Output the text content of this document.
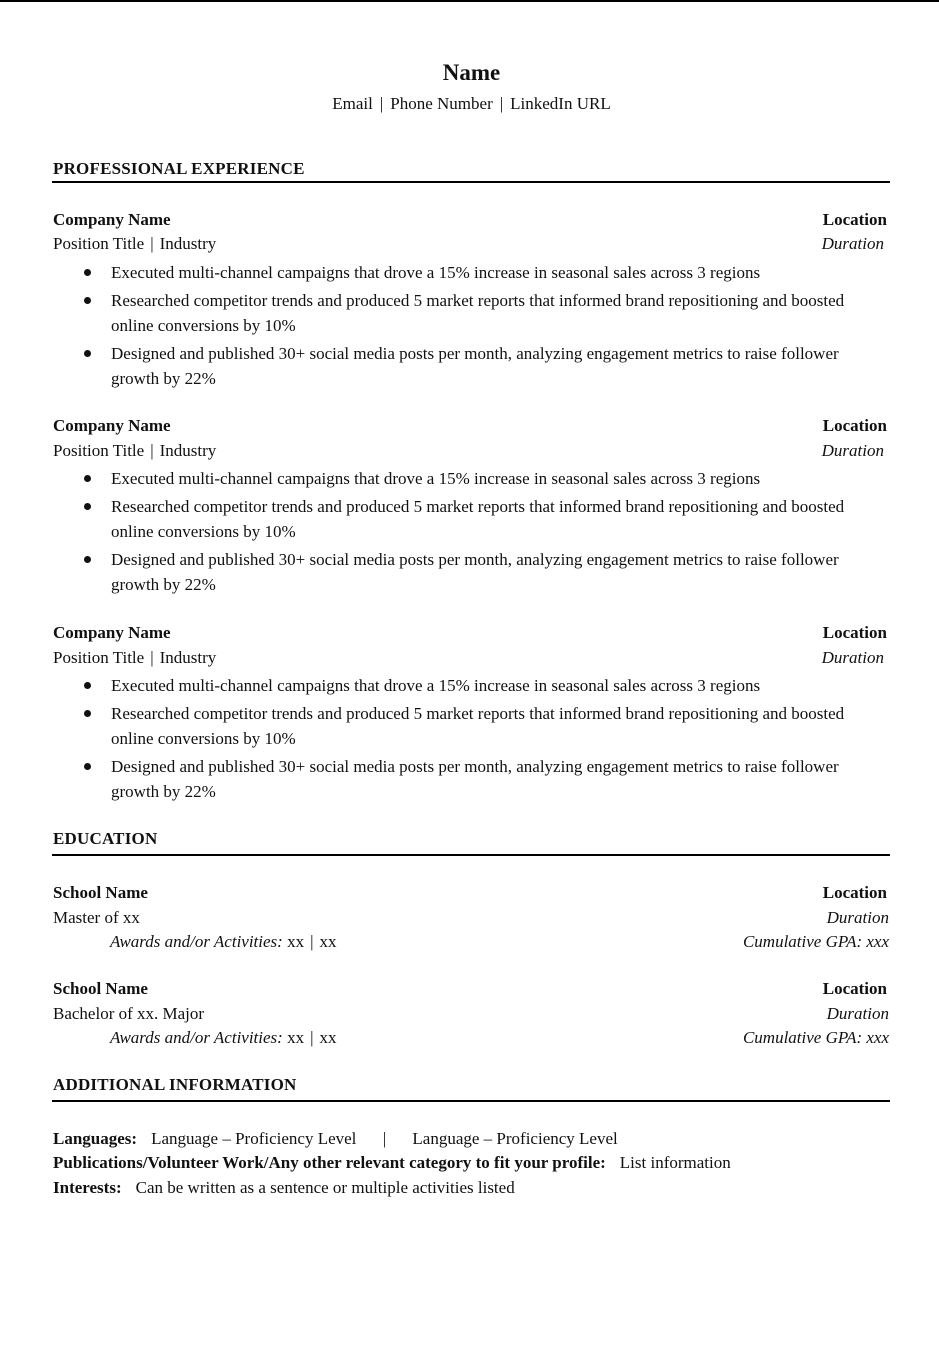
Name
Email | Phone Number | LinkedIn URL
PROFESSIONAL EXPERIENCE
Company Name	Location
Position Title | Industry	Duration
Executed multi-channel campaigns that drove a 15% increase in seasonal sales across 3 regions
Researched competitor trends and produced 5 market reports that informed brand repositioning and boosted online conversions by 10%
Designed and published 30+ social media posts per month, analyzing engagement metrics to raise follower growth by 22%
Company Name	Location
Position Title | Industry	Duration
Executed multi-channel campaigns that drove a 15% increase in seasonal sales across 3 regions
Researched competitor trends and produced 5 market reports that informed brand repositioning and boosted online conversions by 10%
Designed and published 30+ social media posts per month, analyzing engagement metrics to raise follower growth by 22%
Company Name	Location
Position Title | Industry	Duration
Executed multi-channel campaigns that drove a 15% increase in seasonal sales across 3 regions
Researched competitor trends and produced 5 market reports that informed brand repositioning and boosted online conversions by 10%
Designed and published 30+ social media posts per month, analyzing engagement metrics to raise follower growth by 22%
EDUCATION
School Name	Location
Master of xx	Duration
Awards and/or Activities: xx | xx	Cumulative GPA: xxx
School Name	Location
Bachelor of xx. Major	Duration
Awards and/or Activities: xx | xx	Cumulative GPA: xxx
ADDITIONAL INFORMATION
Languages: Language – Proficiency Level | Language – Proficiency Level
Publications/Volunteer Work/Any other relevant category to fit your profile: List information
Interests: Can be written as a sentence or multiple activities listed
